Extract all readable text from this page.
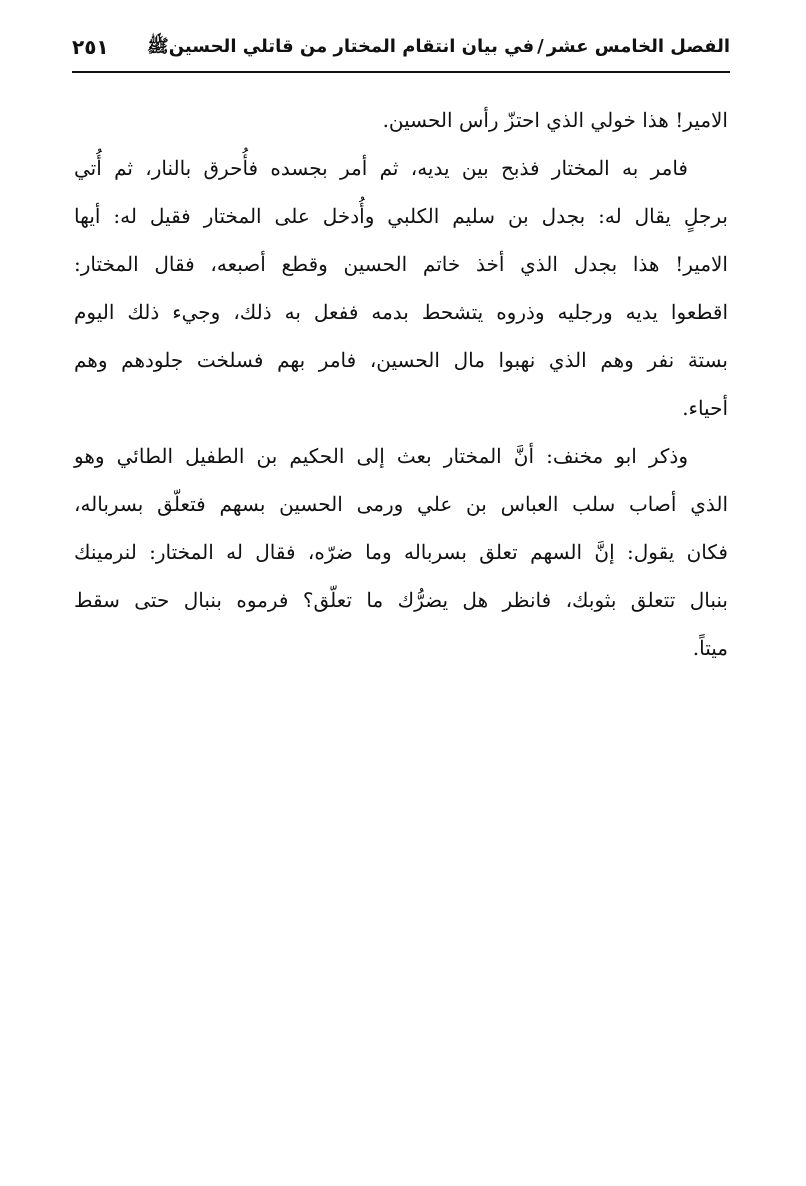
الفصل الخامس عشر/في بيان انتقام المختار من قاتلي الحسينﷺ
٢٥١
الامير! هذا خولي الذي احتزّ رأس الحسين.
فامر به المختار فذبح بين يديه، ثم أمر بجسده فأُحرق بالنار، ثم أُتي
برجلٍ يقال له: بجدل بن سليم الكلبي وأُدخل على المختار فقيل له: أيها
الامير! هذا بجدل الذي أخذ خاتم الحسين وقطع أصبعه، فقال المختار:
اقطعوا يديه ورجليه وذروه يتشحط بدمه ففعل به ذلك، وجيء ذلك اليوم
بستة نفر وهم الذي نهبوا مال الحسين، فامر بهم فسلخت جلودهم وهم
أحياء.
وذكر ابو مخنف: أنَّ المختار بعث إلى الحكيم بن الطفيل الطائي وهو
الذي أصاب سلب العباس بن علي ورمى الحسين بسهم فتعلّق بسرباله،
فكان يقول: إنَّ السهم تعلق بسرباله وما ضرّه، فقال له المختار: لنرمينك
بنبال تتعلق بثوبك، فانظر هل يضرُّك ما تعلّق؟ فرموه بنبال حتى سقط
ميتاً.
